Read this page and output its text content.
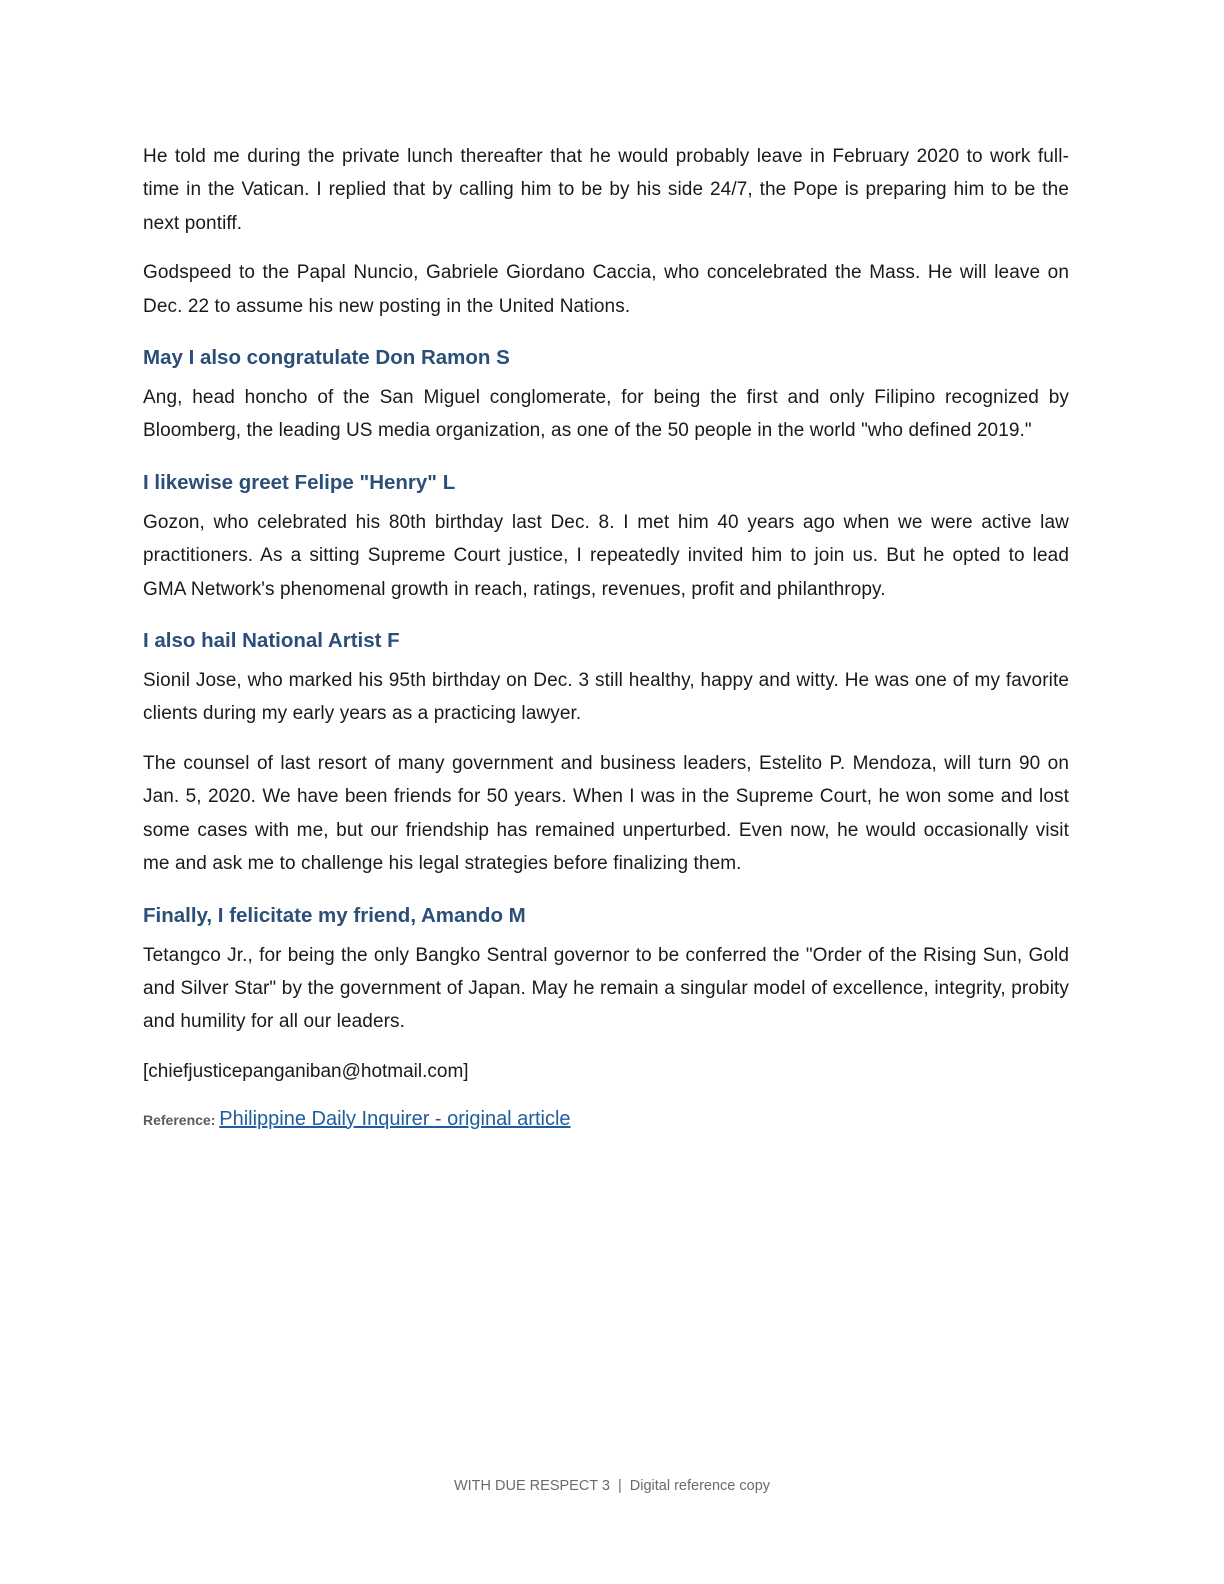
He told me during the private lunch thereafter that he would probably leave in February 2020 to work full-time in the Vatican. I replied that by calling him to be by his side 24/7, the Pope is preparing him to be the next pontiff.

Godspeed to the Papal Nuncio, Gabriele Giordano Caccia, who concelebrated the Mass. He will leave on Dec. 22 to assume his new posting in the United Nations.

May I also congratulate Don Ramon S

Ang, head honcho of the San Miguel conglomerate, for being the first and only Filipino recognized by Bloomberg, the leading US media organization, as one of the 50 people in the world "who defined 2019."

I likewise greet Felipe "Henry" L

Gozon, who celebrated his 80th birthday last Dec. 8. I met him 40 years ago when we were active law practitioners. As a sitting Supreme Court justice, I repeatedly invited him to join us. But he opted to lead GMA Network's phenomenal growth in reach, ratings, revenues, profit and philanthropy.

I also hail National Artist F

Sionil Jose, who marked his 95th birthday on Dec. 3 still healthy, happy and witty. He was one of my favorite clients during my early years as a practicing lawyer.

The counsel of last resort of many government and business leaders, Estelito P. Mendoza, will turn 90 on Jan. 5, 2020. We have been friends for 50 years. When I was in the Supreme Court, he won some and lost some cases with me, but our friendship has remained unperturbed. Even now, he would occasionally visit me and ask me to challenge his legal strategies before finalizing them.

Finally, I felicitate my friend, Amando M

Tetangco Jr., for being the only Bangko Sentral governor to be conferred the "Order of the Rising Sun, Gold and Silver Star" by the government of Japan. May he remain a singular model of excellence, integrity, probity and humility for all our leaders.

[chiefjusticepanganiban@hotmail.com]

Reference: Philippine Daily Inquirer - original article

WITH DUE RESPECT 3 | Digital reference copy
